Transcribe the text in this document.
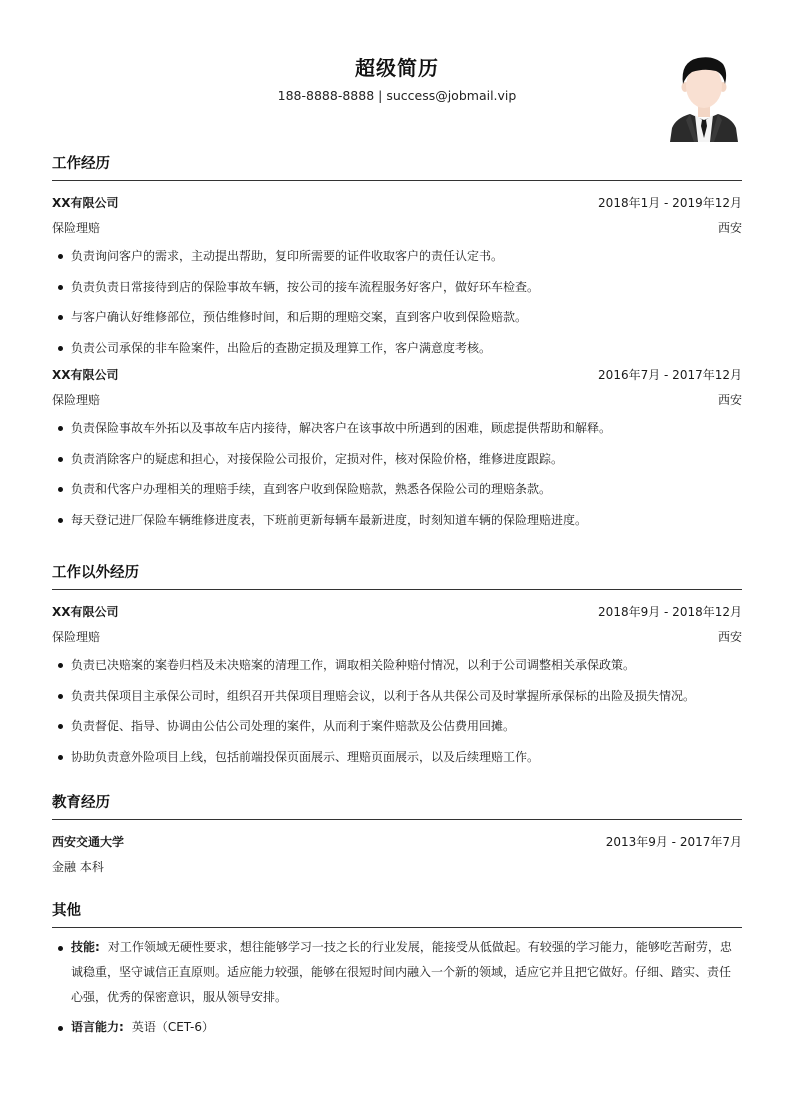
超级简历
188-8888-8888 | success@jobmail.vip
工作经历
XX有限公司	2018年1月 - 2019年12月
保险理赔	西安
负责询问客户的需求，主动提出帮助，复印所需要的证件收取客户的责任认定书。
负责负责日常接待到店的保险事故车辆，按公司的接车流程服务好客户，做好环车检查。
与客户确认好维修部位，预估维修时间，和后期的理赔交案，直到客户收到保险赔款。
负责公司承保的非车险案件，出险后的查勘定损及理算工作，客户满意度考核。
XX有限公司	2016年7月 - 2017年12月
保险理赔	西安
负责保险事故车外拓以及事故车店内接待，解决客户在该事故中所遇到的困难，顾虑提供帮助和解释。
负责消除客户的疑虑和担心，对接保险公司报价，定损对件，核对保险价格，维修进度跟踪。
负责和代客户办理相关的理赔手续，直到客户收到保险赔款，熟悉各保险公司的理赔条款。
每天登记进厂保险车辆维修进度表，下班前更新每辆车最新进度，时刻知道车辆的保险理赔进度。
工作以外经历
XX有限公司	2018年9月 - 2018年12月
保险理赔	西安
负责已决赔案的案卷归档及未决赔案的清理工作，调取相关险种赔付情况，以利于公司调整相关承保政策。
负责共保项目主承保公司时，组织召开共保项目理赔会议，以利于各从共保公司及时掌握所承保标的出险及损失情况。
负责督促、指导、协调由公估公司处理的案件，从而利于案件赔款及公估费用回摊。
协助负责意外险项目上线，包括前端投保页面展示、理赔页面展示，以及后续理赔工作。
教育经历
西安交通大学	2013年9月 - 2017年7月
金融 本科
其他
技能: 对工作领域无硬性要求，想往能够学习一技之长的行业发展，能接受从低做起。有较强的学习能力，能够吃苦耐劳，忠诚稳重，坚守诚信正直原则。适应能力较强，能够在很短时间内融入一个新的领域，适应它并且把它做好。仔细、踏实、责任心强，优秀的保密意识，服从领导安排。
语言能力: 英语（CET-6）
